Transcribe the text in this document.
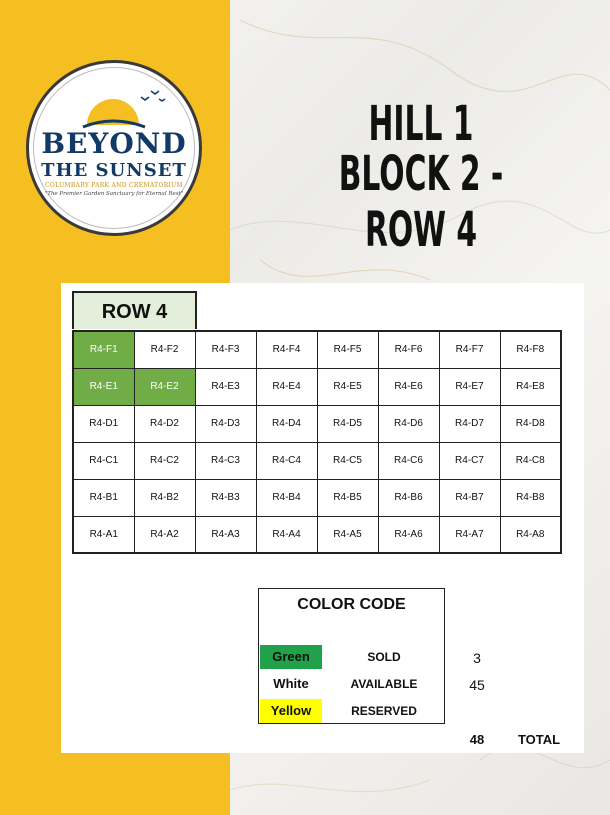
BEYOND
THE SUNSET
COLUMBARY PARK AND CREMATORIUM
"The Premier Garden Sanctuary for Eternal Rest"
HILL 1
BLOCK 2 - ROW 4
ROW 4
R4-F1	R4-F2	R4-F3	R4-F4	R4-F5	R4-F6	R4-F7	R4-F8
R4-E1	R4-E2	R4-E3	R4-E4	R4-E5	R4-E6	R4-E7	R4-E8
R4-D1	R4-D2	R4-D3	R4-D4	R4-D5	R4-D6	R4-D7	R4-D8
R4-C1	R4-C2	R4-C3	R4-C4	R4-C5	R4-C6	R4-C7	R4-C8
R4-B1	R4-B2	R4-B3	R4-B4	R4-B5	R4-B6	R4-B7	R4-B8
R4-A1	R4-A2	R4-A3	R4-A4	R4-A5	R4-A6	R4-A7	R4-A8
COLOR CODE
Green	SOLD	3
White	AVAILABLE	45
Yellow	RESERVED
48	TOTAL
